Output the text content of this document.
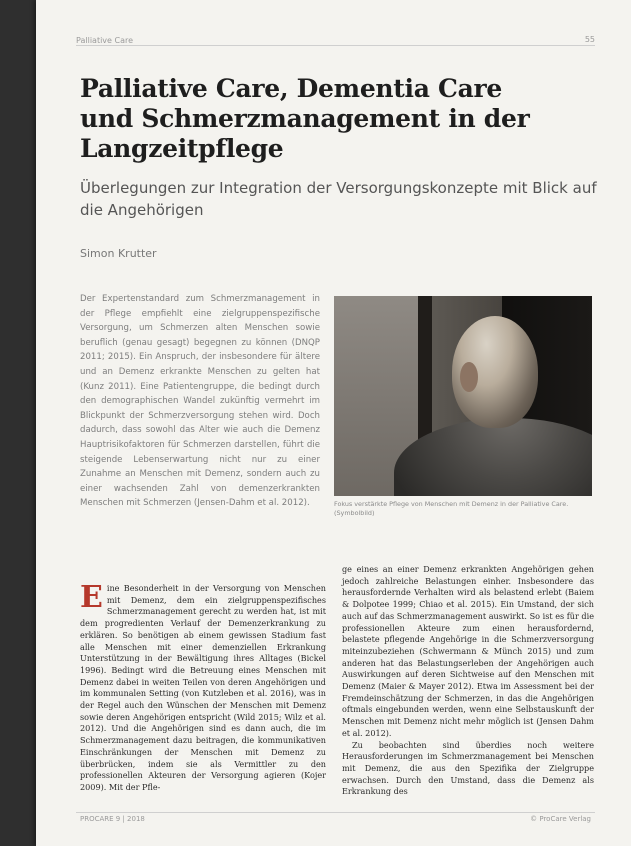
Palliative Care	55
Palliative Care, Dementia Care und Schmerzmanagement in der Langzeitpflege
Überlegungen zur Integration der Versorgungskonzepte mit Blick auf die Angehörigen
Simon Krutter

Der Expertenstandard zum Schmerzmanagement in der Pflege empfiehlt eine zielgruppenspezifische Versorgung, um Schmerzen alten Menschen sowie beruflich (genau gesagt) begegnen zu können (DNQP 2011; 2015). Ein Anspruch, der insbesondere für ältere und an Demenz erkrankte Menschen zu gelten hat (Kunz 2011). Eine Patientengruppe, die bedingt durch den demographischen Wandel zukünftig vermehrt im Blickpunkt der Schmerzversorgung stehen wird. Doch dadurch, dass sowohl das Alter wie auch die Demenz Hauptrisikofaktoren für Schmerzen darstellen, führt die steigende Lebenserwartung nicht nur zu einer Zunahme an Menschen mit Demenz, sondern auch zu einer wachsenden Zahl von demenzerkrankten Menschen mit Schmerzen (Jensen-Dahm et al. 2012).	Fokus verstärkte Pflege von Menschen mit Demenz in der Palliative Care. (Symbolbild)

Eine Besonderheit in der Versorgung von Menschen mit Demenz, dem ein zielgruppenspezifisches Schmerzmanagement gerecht zu werden hat, ist mit dem progredienten Verlauf der Demenzerkrankung zu erklären. So benötigen ab einem gewissen Stadium fast alle Menschen mit einer demenziellen Erkrankung Unterstützung in der Bewältigung ihres Alltages (Bickel 1996). Bedingt wird die Betreuung eines Menschen mit Demenz dabei in weiten Teilen von deren Angehörigen und im kommunalen Setting (von Kutzleben et al. 2016), was in der Regel auch den Wünschen der Menschen mit Demenz sowie deren Angehörigen entspricht (Wild 2015; Wilz et al. 2012). Und die Angehörigen sind es dann auch, die im Schmerzmanagement dazu beitragen, die kommunikativen Einschränkungen der Menschen mit Demenz zu überbrücken, indem sie als Vermittler zu den professionellen Akteuren der Versorgung agieren (Kojer 2009). Mit der Pfle-

ge eines an einer Demenz erkrankten Angehörigen gehen jedoch zahlreiche Belastungen einher. Insbesondere das herausfordernde Verhalten wird als belastend erlebt (Baiem & Dolpotee 1999; Chiao et al. 2015). Ein Umstand, der sich auch auf das Schmerzmanagement auswirkt. So ist es für die professionellen Akteure zum einen herausfordernd, belastete pflegende Angehörige in die Schmerzversorgung miteinzubeziehen (Schwermann & Münch 2015) und zum anderen hat das Belastungserleben der Angehörigen auch Auswirkungen auf deren Sichtweise auf den Menschen mit Demenz (Maier & Mayer 2012). Etwa im Assessment bei der Fremdeinschätzung der Schmerzen, in das die Angehörigen oftmals eingebunden werden, wenn eine Selbstauskunft der Menschen mit Demenz nicht mehr möglich ist (Jensen Dahm et al. 2012).

Zu beobachten sind überdies noch weitere Herausforderungen im Schmerzmanagement bei Menschen mit Demenz, die aus den Spezifika der Zielgruppe erwachsen. Durch den Umstand, dass die Demenz als Erkrankung des

PROCARE 9 | 2018	© ProCare Verlag
